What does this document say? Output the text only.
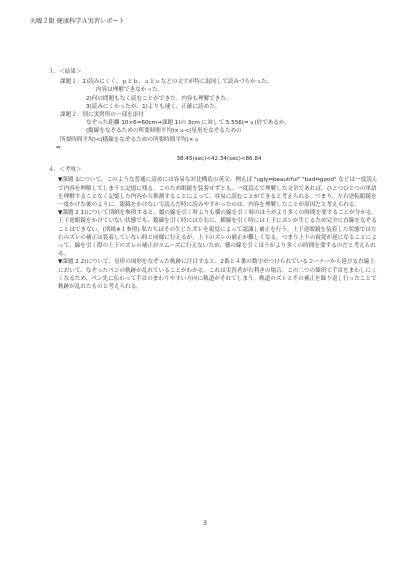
火曜２限 健康科学Ａ実習レポート

３．＜結果＞

課題１：1)読みにくく、ｐとｂ、ａとｅなどの文字が特に混同して読みづらかった。

内容は理解できなかった。

2)何の問題もなく読むことができた。内容も理解できた。

3)読みにくかったが、1)よりも速く、正確に読めた。

課題２：別に実習所の一部を添付

なぞった距離 10×6=60cm→課題 1)の 3cm に対して 5.556(=ａ)倍であるか。

(縦線をなぞるための所要時間平均)×ａ<(星形をなぞるための

所要時間平均)<(横線をなぞるための所要時間平均)×ａ

⇔

38.45(sec)<42.34(sec)<86.84

４．＜考察＞

▼課題 1について、このような普通に読めには容易な対比構造の英文、例えば "ugly⇔beautiful" "bad⇔good" などは一度読んで内容を理解してしまうと記憶に残る。このため眼鏡を装着せずとも、一度読んで理解した文章であれば、ひとつひとつの単語を理解することなく記憶した内容から推測することによって、容易に読むことができると考えられる。つまり、左右逆転眼鏡を一度かけた後のように、眼鏡をかけないで読んだ時に読みやすかったのは、内容を理解したことが原因だと考えられる。

▼課題 2 1)について別紙を参照すると、縦の線を引く時よりも横の線を引く時のほうがより多くの時間を要することが分かる。上下逆眼鏡をかけていない状態でも、縦線を引く時には左右に、横線を引く時には上下にズレが生じるため完全に直線をなぞることはできない。(別紙※１参照) 私たちはその生じたズレを視覚によって認識し補正を行う。上下逆眼鏡を装着した状態では左右のズレの補正は装着していない時と同様に行えるが、上下のズレの補正が難しくなる。つまり上下の視覚が逆になることによって、線を引く際の上下のズレの補正がスムーズに行えないため、横の線を引くほうがより多くの時間を要するのだと考えられる。

▼課題 2 2)について、星形の図形をなぞった軌跡に注目すると、2番と４番の数字がつけられているコーナーから延びる直線上において、なぞったペンの軌跡が乱れていることがわかる。これは実習者が右利きの場合、この二つの箇所で手首をまわしにくくなるため、ペン先に伝わって手首のまわりやすい方向に軌道がそれてしまう。軌道のズレとその補正を繰り返し行ったことで軌跡が乱れたものと考えられる。

3
